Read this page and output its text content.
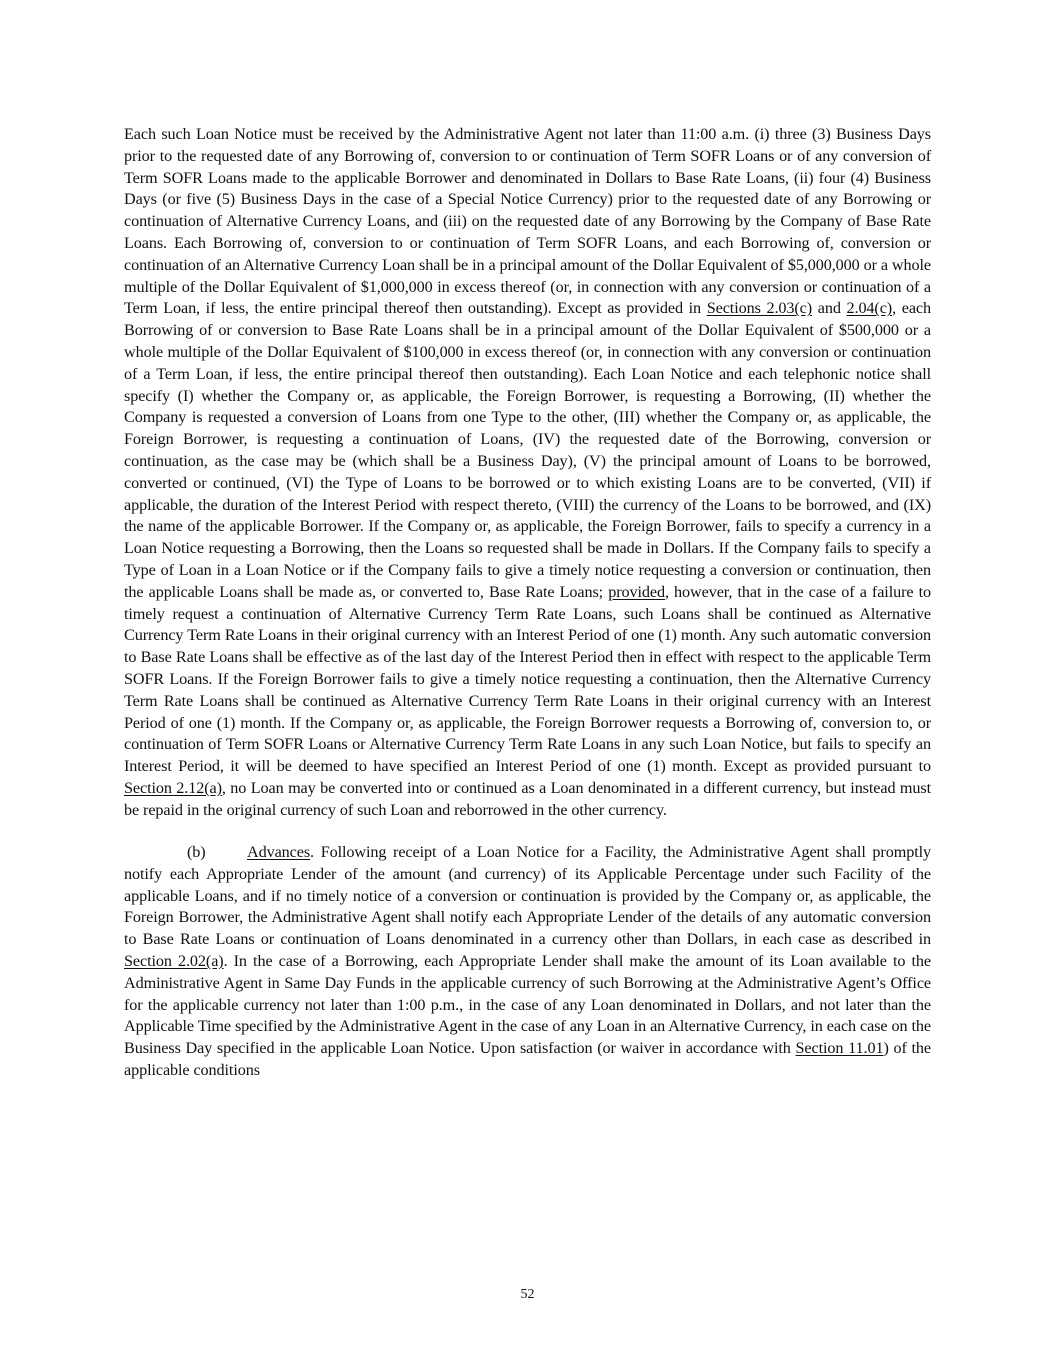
Each such Loan Notice must be received by the Administrative Agent not later than 11:00 a.m. (i) three (3) Business Days prior to the requested date of any Borrowing of, conversion to or continuation of Term SOFR Loans or of any conversion of Term SOFR Loans made to the applicable Borrower and denominated in Dollars to Base Rate Loans, (ii) four (4) Business Days (or five (5) Business Days in the case of a Special Notice Currency) prior to the requested date of any Borrowing or continuation of Alternative Currency Loans, and (iii) on the requested date of any Borrowing by the Company of Base Rate Loans. Each Borrowing of, conversion to or continuation of Term SOFR Loans, and each Borrowing of, conversion or continuation of an Alternative Currency Loan shall be in a principal amount of the Dollar Equivalent of $5,000,000 or a whole multiple of the Dollar Equivalent of $1,000,000 in excess thereof (or, in connection with any conversion or continuation of a Term Loan, if less, the entire principal thereof then outstanding). Except as provided in Sections 2.03(c) and 2.04(c), each Borrowing of or conversion to Base Rate Loans shall be in a principal amount of the Dollar Equivalent of $500,000 or a whole multiple of the Dollar Equivalent of $100,000 in excess thereof (or, in connection with any conversion or continuation of a Term Loan, if less, the entire principal thereof then outstanding). Each Loan Notice and each telephonic notice shall specify (I) whether the Company or, as applicable, the Foreign Borrower, is requesting a Borrowing, (II) whether the Company is requested a conversion of Loans from one Type to the other, (III) whether the Company or, as applicable, the Foreign Borrower, is requesting a continuation of Loans, (IV) the requested date of the Borrowing, conversion or continuation, as the case may be (which shall be a Business Day), (V) the principal amount of Loans to be borrowed, converted or continued, (VI) the Type of Loans to be borrowed or to which existing Loans are to be converted, (VII) if applicable, the duration of the Interest Period with respect thereto, (VIII) the currency of the Loans to be borrowed, and (IX) the name of the applicable Borrower. If the Company or, as applicable, the Foreign Borrower, fails to specify a currency in a Loan Notice requesting a Borrowing, then the Loans so requested shall be made in Dollars. If the Company fails to specify a Type of Loan in a Loan Notice or if the Company fails to give a timely notice requesting a conversion or continuation, then the applicable Loans shall be made as, or converted to, Base Rate Loans; provided, however, that in the case of a failure to timely request a continuation of Alternative Currency Term Rate Loans, such Loans shall be continued as Alternative Currency Term Rate Loans in their original currency with an Interest Period of one (1) month. Any such automatic conversion to Base Rate Loans shall be effective as of the last day of the Interest Period then in effect with respect to the applicable Term SOFR Loans. If the Foreign Borrower fails to give a timely notice requesting a continuation, then the Alternative Currency Term Rate Loans shall be continued as Alternative Currency Term Rate Loans in their original currency with an Interest Period of one (1) month. If the Company or, as applicable, the Foreign Borrower requests a Borrowing of, conversion to, or continuation of Term SOFR Loans or Alternative Currency Term Rate Loans in any such Loan Notice, but fails to specify an Interest Period, it will be deemed to have specified an Interest Period of one (1) month. Except as provided pursuant to Section 2.12(a), no Loan may be converted into or continued as a Loan denominated in a different currency, but instead must be repaid in the original currency of such Loan and reborrowed in the other currency.

(b)	Advances. Following receipt of a Loan Notice for a Facility, the Administrative Agent shall promptly notify each Appropriate Lender of the amount (and currency) of its Applicable Percentage under such Facility of the applicable Loans, and if no timely notice of a conversion or continuation is provided by the Company or, as applicable, the Foreign Borrower, the Administrative Agent shall notify each Appropriate Lender of the details of any automatic conversion to Base Rate Loans or continuation of Loans denominated in a currency other than Dollars, in each case as described in Section 2.02(a). In the case of a Borrowing, each Appropriate Lender shall make the amount of its Loan available to the Administrative Agent in Same Day Funds in the applicable currency of such Borrowing at the Administrative Agent’s Office for the applicable currency not later than 1:00 p.m., in the case of any Loan denominated in Dollars, and not later than the Applicable Time specified by the Administrative Agent in the case of any Loan in an Alternative Currency, in each case on the Business Day specified in the applicable Loan Notice. Upon satisfaction (or waiver in accordance with Section 11.01) of the applicable conditions

52
